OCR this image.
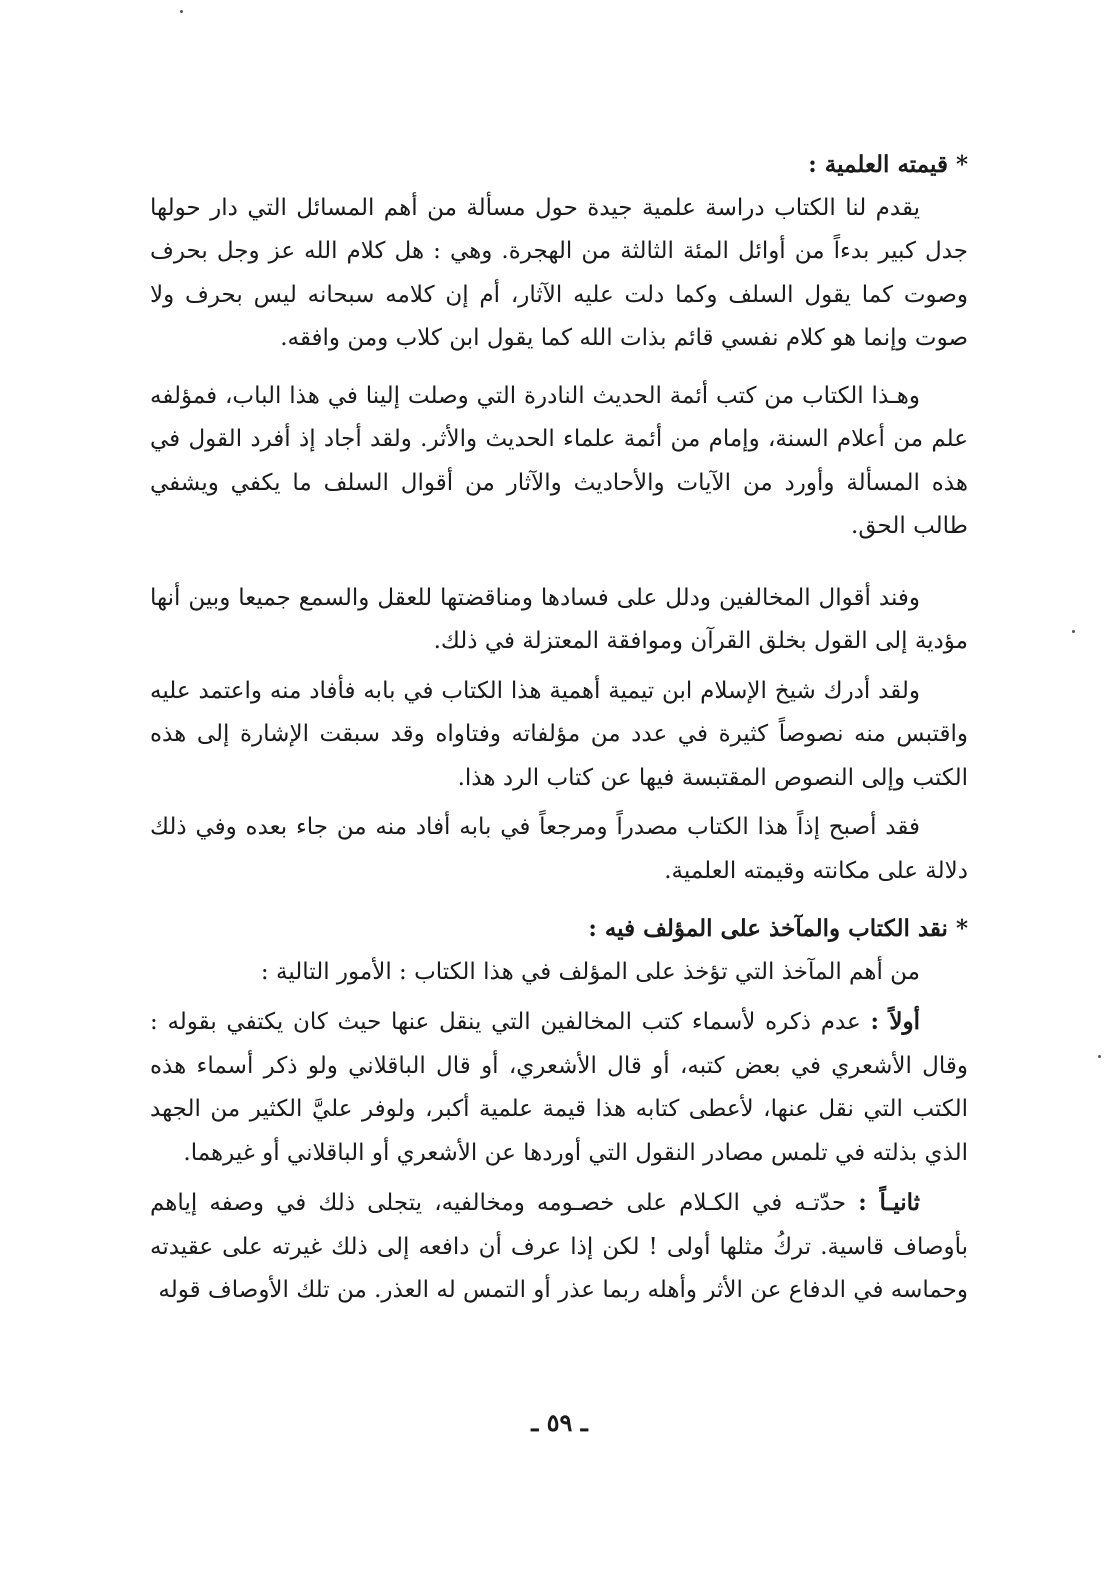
* قيمته العلمية :

يقدم لنا الكتاب دراسة علمية جيدة حول مسألة من أهم المسائل التي دار حولها جدل كبير بدءاً من أوائل المئة الثالثة من الهجرة. وهي : هل كلام الله عز وجل بحرف وصوت كما يقول السلف وكما دلت عليه الآثار، أم إن كلامه سبحانه ليس بحرف ولا صوت وإنما هو كلام نفسي قائم بذات الله كما يقول ابن كلاب ومن وافقه.

وهـذا الكتاب من كتب أئمة الحديث النادرة التي وصلت إلينا في هذا الباب، فمؤلفه علم من أعلام السنة، وإمام من أئمة علماء الحديث والأثر. ولقد أجاد إذ أفرد القول في هذه المسألة وأورد من الآيات والأحاديث والآثار من أقوال السلف ما يكفي ويشفي طالب الحق.

وفند أقوال المخالفين ودلل على فسادها ومناقضتها للعقل والسمع جميعا وبين أنها مؤدية إلى القول بخلق القرآن وموافقة المعتزلة في ذلك.

ولقد أدرك شيخ الإسلام ابن تيمية أهمية هذا الكتاب في بابه فأفاد منه واعتمد عليه واقتبس منه نصوصاً كثيرة في عدد من مؤلفاته وفتاواه وقد سبقت الإشارة إلى هذه الكتب وإلى النصوص المقتبسة فيها عن كتاب الرد هذا.

فقد أصبح إذاً هذا الكتاب مصدراً ومرجعاً في بابه أفاد منه من جاء بعده وفي ذلك دلالة على مكانته وقيمته العلمية.

* نقد الكتاب والمآخذ على المؤلف فيه :

من أهم المآخذ التي تؤخذ على المؤلف في هذا الكتاب : الأمور التالية :

أولاً : عدم ذكره لأسماء كتب المخالفين التي ينقل عنها حيث كان يكتفي بقوله : وقال الأشعري في بعض كتبه، أو قال الأشعري، أو قال الباقلاني ولو ذكر أسماء هذه الكتب التي نقل عنها، لأعطى كتابه هذا قيمة علمية أكبر، ولوفر عليَّ الكثير من الجهد الذي بذلته في تلمس مصادر النقول التي أوردها عن الأشعري أو الباقلاني أو غيرهما.

ثانيـاً : حدّتـه في الكـلام على خصـومه ومخالفيه، يتجلى ذلك في وصفه إياهم بأوصاف قاسية. تركُ مثلها أولى ! لكن إذا عرف أن دافعه إلى ذلك غيرته على عقيدته وحماسه في الدفاع عن الأثر وأهله ربما عذر أو التمس له العذر. من تلك الأوصاف قوله

ـ ٥٩ ـ
